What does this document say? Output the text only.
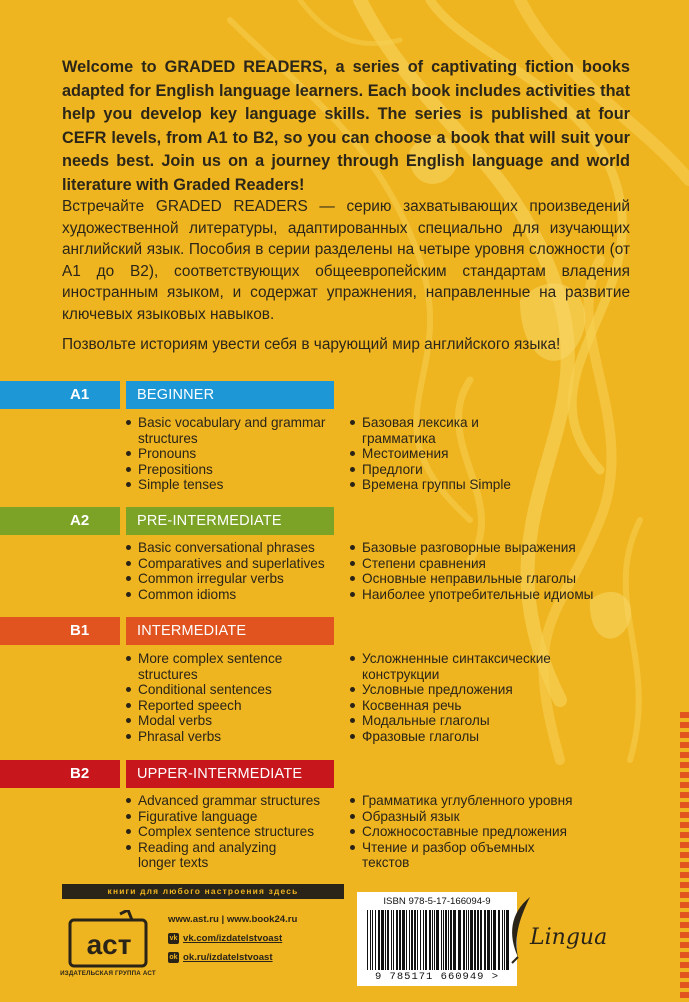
Welcome to GRADED READERS, a series of captivating fiction books adapted for English language learners. Each book includes activities that help you develop key language skills. The series is published at four CEFR levels, from A1 to B2, so you can choose a book that will suit your needs best. Join us on a journey through English language and world literature with Graded Readers!
Встречайте GRADED READERS — серию захватывающих произведений художественной литературы, адаптированных специально для изучающих английский язык. Пособия в серии разделены на четыре уровня сложности (от A1 до B2), соответствующих общеевропейским стандартам владения иностранным языком, и содержат упражнения, направленные на развитие ключевых языковых навыков.
Позвольте историям увести себя в чарующий мир английского языка!
A1	BEGINNER
Basic vocabulary and grammar structures
Pronouns
Prepositions
Simple tenses
Базовая лексика и грамматика
Местоимения
Предлоги
Времена группы Simple
A2	PRE-INTERMEDIATE
Basic conversational phrases
Comparatives and superlatives
Common irregular verbs
Common idioms
Базовые разговорные выражения
Степени сравнения
Основные неправильные глаголы
Наиболее употребительные идиомы
B1	INTERMEDIATE
More complex sentence structures
Conditional sentences
Reported speech
Modal verbs
Phrasal verbs
Усложненные синтаксические конструкции
Условные предложения
Косвенная речь
Модальные глаголы
Фразовые глаголы
B2	UPPER-INTERMEDIATE
Advanced grammar structures
Figurative language
Complex sentence structures
Reading and analyzing longer texts
Грамматика углубленного уровня
Образный язык
Сложносоставные предложения
Чтение и разбор объемных текстов
книги для любого настроения здесь
аст
ИЗДАТЕЛЬСКАЯ ГРУППА АСТ
www.ast.ru | www.book24.ru
vk vk.com/izdatelstvoast
ok ok.ru/izdatelstvoast
ISBN 978-5-17-166094-9
9 785171 660949 >
Lingua
